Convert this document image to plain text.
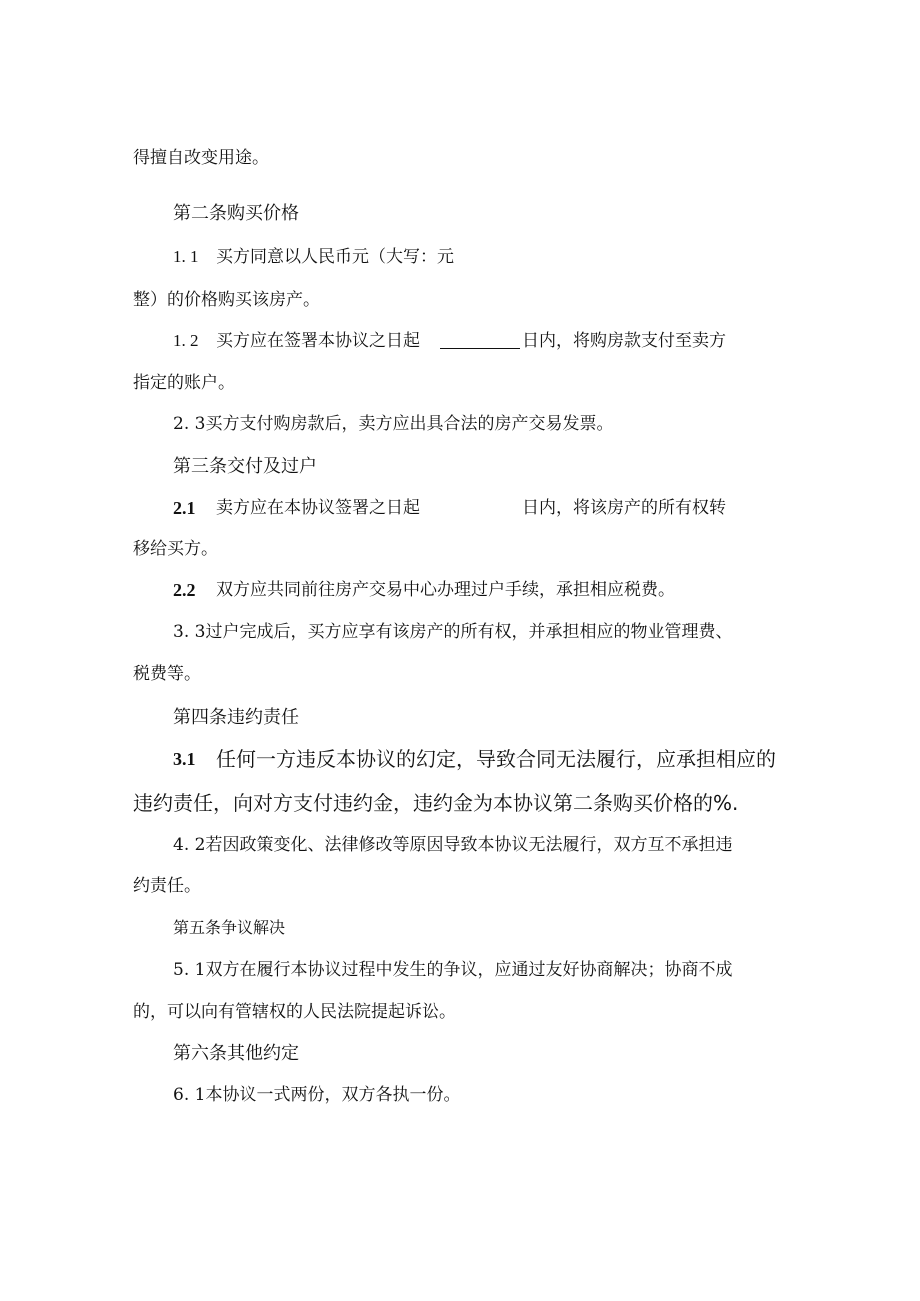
得擅自改变用途。
第二条购买价格
1. 1 买方同意以人民币元（大写：元
整）的价格购买该房产。
1. 2 买方应在签署本协议之日起	日内，将购房款支付至卖方
指定的账户。
2. 3买方支付购房款后，卖方应出具合法的房产交易发票。
第三条交付及过户
2.1 卖方应在本协议签署之日起	日内，将该房产的所有权转
移给买方。
2.2 双方应共同前往房产交易中心办理过户手续，承担相应税费。
3. 3过户完成后，买方应享有该房产的所有权，并承担相应的物业管理费、
税费等。
第四条违约责任
3.1 任何一方违反本协议的幻定，导致合同无法履行，应承担相应的
违约责任，向对方支付违约金，违约金为本协议第二条购买价格的%.
4. 2若因政策变化、法律修改等原因导致本协议无法履行，双方互不承担违
约责任。
第五条争议解决
5. 1双方在履行本协议过程中发生的争议，应通过友好协商解决；协商不成
的，可以向有管辖权的人民法院提起诉讼。
第六条其他约定
6. 1本协议一式两份，双方各执一份。
